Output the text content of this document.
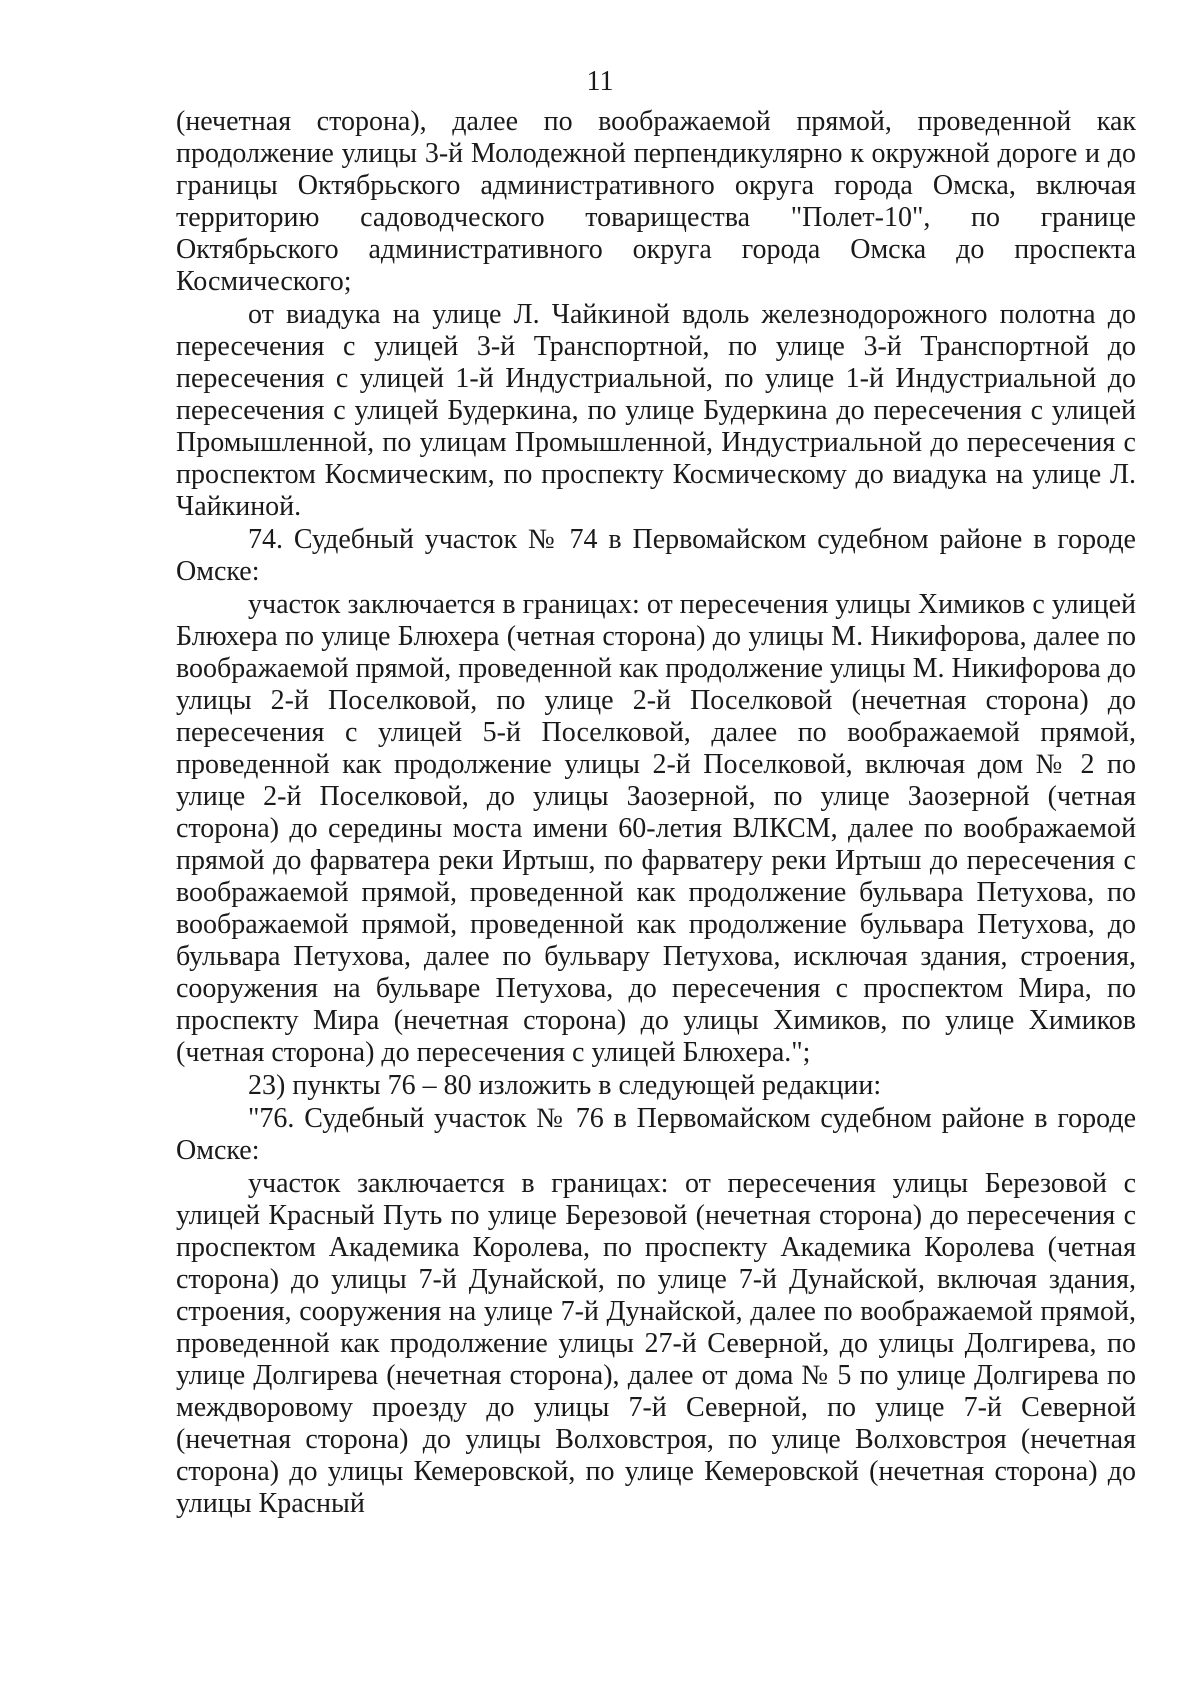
11

(нечетная сторона), далее по воображаемой прямой, проведенной как продолжение улицы 3-й Молодежной перпендикулярно к окружной дороге и до границы Октябрьского административного округа города Омска, включая территорию садоводческого товарищества "Полет-10", по границе Октябрьского административного округа города Омска до проспекта Космического;

от виадука на улице Л. Чайкиной вдоль железнодорожного полотна до пересечения с улицей 3-й Транспортной, по улице 3-й Транспортной до пересечения с улицей 1-й Индустриальной, по улице 1-й Индустриальной до пересечения с улицей Будеркина, по улице Будеркина до пересечения с улицей Промышленной, по улицам Промышленной, Индустриальной до пересечения с проспектом Космическим, по проспекту Космическому до виадука на улице Л. Чайкиной.

74. Судебный участок № 74 в Первомайском судебном районе в городе Омске:

участок заключается в границах: от пересечения улицы Химиков с улицей Блюхера по улице Блюхера (четная сторона) до улицы М. Никифорова, далее по воображаемой прямой, проведенной как продолжение улицы М. Никифорова до улицы 2-й Поселковой, по улице 2-й Поселковой (нечетная сторона) до пересечения с улицей 5-й Поселковой, далее по воображаемой прямой, проведенной как продолжение улицы 2-й Поселковой, включая дом № 2 по улице 2-й Поселковой, до улицы Заозерной, по улице Заозерной (четная сторона) до середины моста имени 60-летия ВЛКСМ, далее по воображаемой прямой до фарватера реки Иртыш, по фарватеру реки Иртыш до пересечения с воображаемой прямой, проведенной как продолжение бульвара Петухова, по воображаемой прямой, проведенной как продолжение бульвара Петухова, до бульвара Петухова, далее по бульвару Петухова, исключая здания, строения, сооружения на бульваре Петухова, до пересечения с проспектом Мира, по проспекту Мира (нечетная сторона) до улицы Химиков, по улице Химиков (четная сторона) до пересечения с улицей Блюхера.";

23) пункты 76 – 80 изложить в следующей редакции:

"76. Судебный участок № 76 в Первомайском судебном районе в городе Омске:

участок заключается в границах: от пересечения улицы Березовой с улицей Красный Путь по улице Березовой (нечетная сторона) до пересечения с проспектом Академика Королева, по проспекту Академика Королева (четная сторона) до улицы 7-й Дунайской, по улице 7-й Дунайской, включая здания, строения, сооружения на улице 7-й Дунайской, далее по воображаемой прямой, проведенной как продолжение улицы 27-й Северной, до улицы Долгирева, по улице Долгирева (нечетная сторона), далее от дома № 5 по улице Долгирева по междворовому проезду до улицы 7-й Северной, по улице 7-й Северной (нечетная сторона) до улицы Волховстроя, по улице Волховстроя (нечетная сторона) до улицы Кемеровской, по улице Кемеровской (нечетная сторона) до улицы Красный
